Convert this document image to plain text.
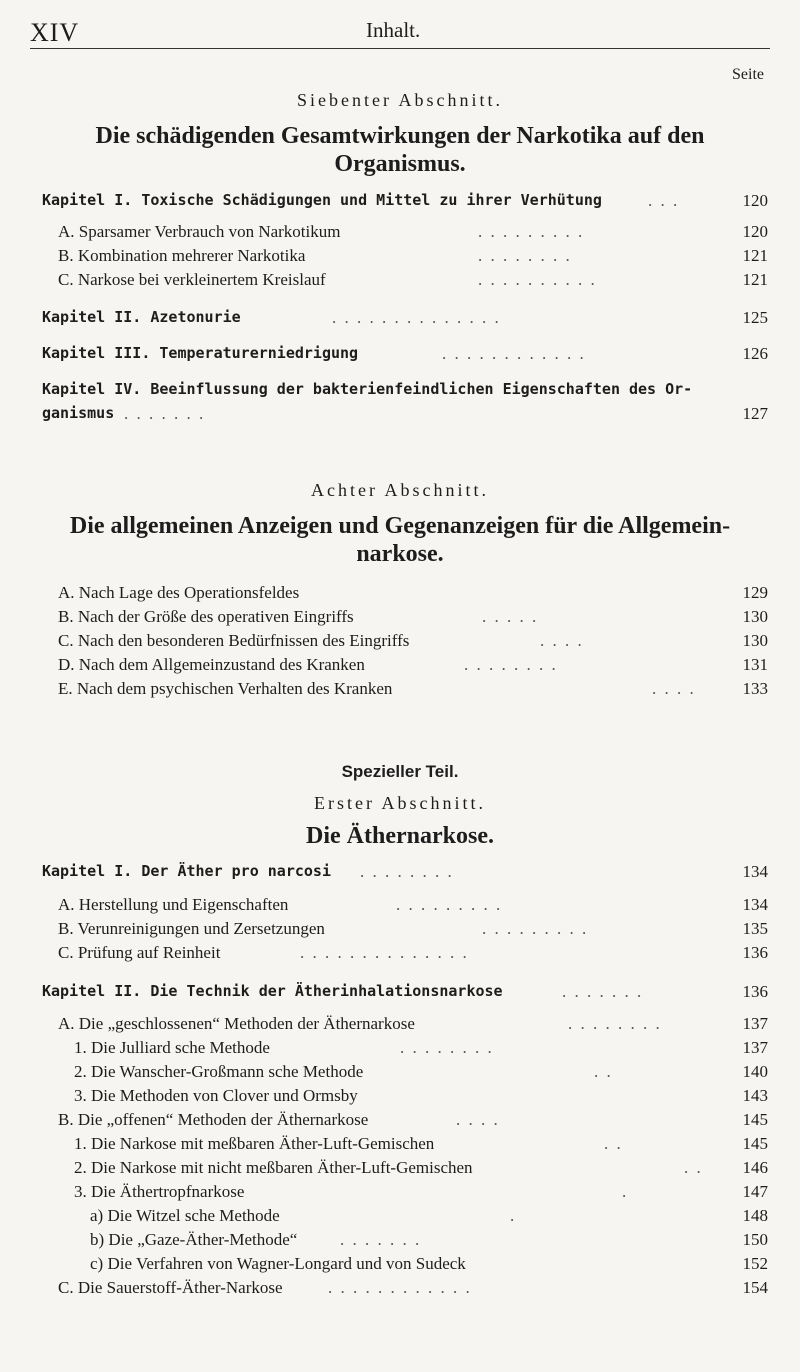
XIV	Inhalt.
Seite
Siebenter Abschnitt.
Die schädigenden Gesamtwirkungen der Narkotika auf den
Organismus.
Kapitel I. Toxische Schädigungen und Mittel zu ihrer Verhütung	. . .	120
A. Sparsamer Verbrauch von Narkotikum	. . . . . . . . .	120
B. Kombination mehrerer Narkotika	. . . . . . . .	121
C. Narkose bei verkleinertem Kreislauf	. . . . . . . . . .	121
Kapitel II. Azetonurie	. . . . . . . . . . . . . .	125
Kapitel III. Temperaturerniedrigung	. . . . . . . . . . . .	126
Kapitel IV. Beeinflussung der bakterienfeindlichen Eigenschaften des Or-
ganismus . . . . . . .	127
Achter Abschnitt.
Die allgemeinen Anzeigen und Gegenanzeigen für die Allgemein-
narkose.
A. Nach Lage des Operationsfeldes	129
B. Nach der Größe des operativen Eingriffs	. . . . .	130
C. Nach den besonderen Bedürfnissen des Eingriffs	. . . .	130
D. Nach dem Allgemeinzustand des Kranken	. . . . . . . .	131
E. Nach dem psychischen Verhalten des Kranken	. . . .	133
Spezieller Teil.
Erster Abschnitt.
Die Äthernarkose.
Kapitel I. Der Äther pro narcosi . . . . . . . .	134
A. Herstellung und Eigenschaften	. . . . . . . . .	134
B. Verunreinigungen und Zersetzungen	. . . . . . . . .	135
C. Prüfung auf Reinheit	. . . . . . . . . . . . . .	136
Kapitel II. Die Technik der Ätherinhalationsnarkose	. . . . . . .	136
A. Die „geschlossenen“ Methoden der Äthernarkose	. . . . . . . .	137
1. Die Julliard sche Methode	. . . . . . . .	137
2. Die Wanscher-Großmann sche Methode	. .	140
3. Die Methoden von Clover und Ormsby	143
B. Die „offenen“ Methoden der Äthernarkose	. . . .	145
1. Die Narkose mit meßbaren Äther-Luft-Gemischen	. .	145
2. Die Narkose mit nicht meßbaren Äther-Luft-Gemischen	. . 146
3. Die Äthertropfnarkose	.	147
a) Die Witzel sche Methode	.	148
b) Die „Gaze-Äther-Methode“	. . . . . . .	150
c) Die Verfahren von Wagner-Longard und von Sudeck	152
C. Die Sauerstoff-Äther-Narkose	. . . . . . . . . . . .	154
